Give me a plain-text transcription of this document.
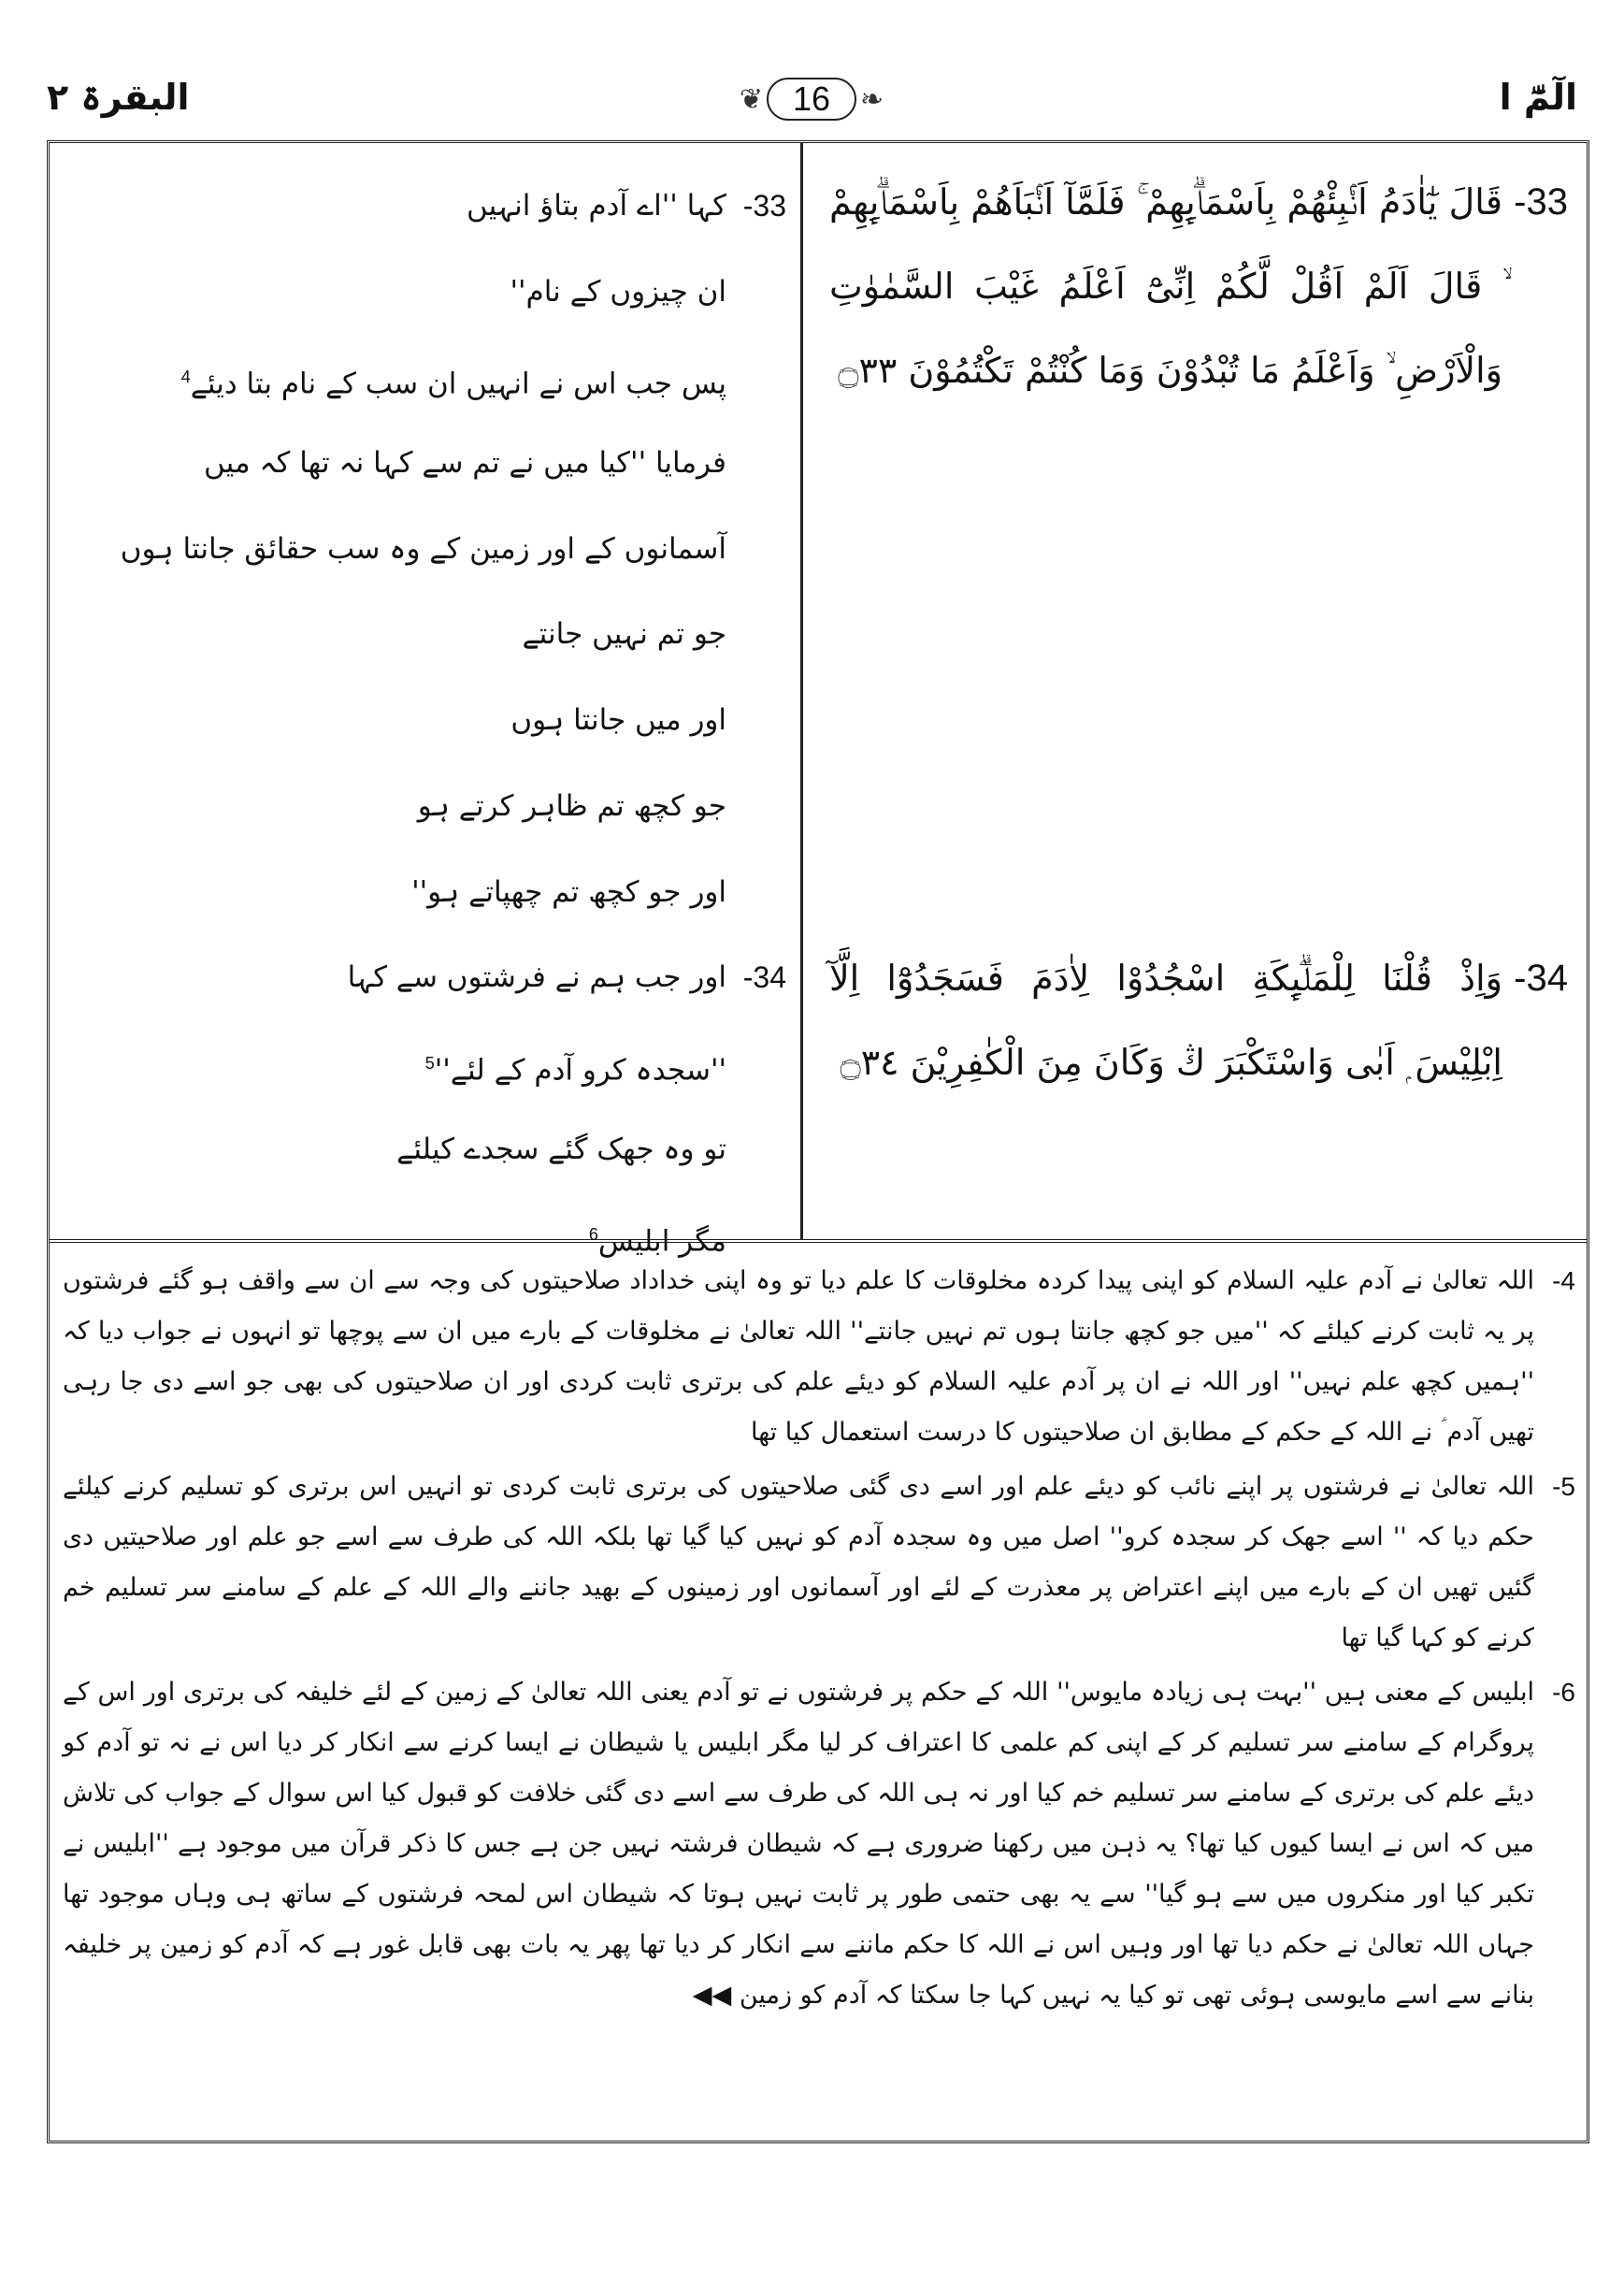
الٓمّٓ ا
❦ 16	❧
البقرۃ ٢
- 33
قَالَ يٰٓاٰدَمُ اَنْۢبِئْهُمْ بِاَسْمَاۗىِٕهِمْ ۚ فَلَمَّآ اَنْۢبَاَهُمْبِاَسْمَاۗىِٕهِمْ ۙ قَالَ اَلَمْ اَقُلْ لَّكُمْ اِنِّىْٓ اَعْلَمُ غَيْبَالسَّمٰوٰتِ وَالْاَرْضِ ۙ وَاَعْلَمُ مَا تُبْدُوْنَ وَمَا كُنْتُمْتَكْتُمُوْنَ ۝٣٣
- 34
وَاِذْ قُلْنَا لِلْمَلٰۗىِٕكَةِ اسْجُدُوْا لِاٰدَمَ فَسَجَدُوْٓا اِلَّآاِبْلِيْسَ ۭ اَبٰى وَاسْتَكْبَرَ ڭ وَكَانَ مِنَ الْكٰفِرِيْنَ ۝٣٤
- 33
کہا ''اے آدم بتاؤ انہیں
ان چیزوں کے نام''
پس جب اس نے انہیں ان سب کے نام بتا دیئے$^4$
فرمایا ''کیا میں نے تم سے کہا نہ تھا کہ میں
آسمانوں کے اور زمین کے وہ سب حقائق جانتا ہوں
جو تم نہیں جانتے
اور میں جانتا ہوں
جو کچھ تم ظاہر کرتے ہو
اور جو کچھ تم چھپاتے ہو''
- 34
اور جب ہم نے فرشتوں سے کہا
''سجدہ کرو آدم کے $لئے''^5$
تو وہ جھک گئے سجدے کیلئے
مگر ابلیس$^6$
- 4
اللہ تعالیٰ نے آدم علیہ السلام کو اپنی پیدا کردہ مخلوقات کا علم دیا تو وہ اپنی خداداد صلاحیتوں کی وجہ سے ان سے واقف ہو گئے فرشتوں پر یہ ثابت کرنےکیلئے کہ ''میں جو کچھ جانتا ہوں تم نہیں جانتے'' اللہ تعالیٰ نے مخلوقات کے بارے میں ان سے پوچھا تو انہوں نے جواب دیا کہ ''ہمیں کچھ علم نہیں''اور اللہ نے ان پر آدم علیہ السلام کو دیئے علم کی برتری ثابت کردی اور ان صلاحیتوں کی بھی جو اسے دی جا رہی تھیں آدم ؑ نے اللہ کے حکم کے مطابق انصلاحیتوں کا درست استعمال کیا تھا
- 5
اللہ تعالیٰ نے فرشتوں پر اپنے نائب کو دیئے علم اور اسے دی گئی صلاحیتوں کی برتری ثابت کردی تو انہیں اس برتری کو تسلیم کرنے کیلئے حکم دیا کہ ''اسے جھک کر سجدہ کرو'' اصل میں وہ سجدہ آدم کو نہیں کیا گیا تھا بلکہ اللہ کی طرف سے اسے جو علم اور صلاحیتیں دی گئیں تھیں ان کے بارے میں اپنےاعتراض پر معذرت کے لئے اور آسمانوں اور زمینوں کے بھید جاننے والے اللہ کے علم کے سامنے سر تسلیم خم کرنے کو کہا گیا تھا
- 6
ابلیس کے معنی ہیں ''بہت ہی زیادہ مایوس'' اللہ کے حکم پر فرشتوں نے تو آدم یعنی اللہ تعالیٰ کے زمین کے لئے خلیفہ کی برتری اور اس کے پروگرامکے سامنے سر تسلیم کر کے اپنی کم علمی کا اعتراف کر لیا مگر ابلیس یا شیطان نے ایسا کرنے سے انکار کر دیا اس نے نہ تو آدم کو دیئے علم کی برتری کےسامنے سر تسلیم خم کیا اور نہ ہی اللہ کی طرف سے اسے دی گئی خلافت کو قبول کیا اس سوال کے جواب کی تلاش میں کہ اس نے ایسا کیوں کیا تھا؟ یہ ذہنمیں رکھنا ضروری ہے کہ شیطان فرشتہ نہیں جن ہے جس کا ذکر قرآن میں موجود ہے ''ابلیس نے تکبر کیا اور منکروں میں سے ہو گیا'' سے یہ بھی حتمی طورپر ثابت نہیں ہوتا کہ شیطان اس لمحہ فرشتوں کے ساتھ ہی وہاں موجود تھا جہاں اللہ تعالیٰ نے حکم دیا تھا اور وہیں اس نے اللہ کا حکم ماننے سے انکار کردیا تھا پھر یہ بات بھی قابل غور ہے کہ آدم کو زمین پر خلیفہ بنانے سے اسے مایوسی ہوئی تھی تو کیا یہ نہیں کہا جا سکتا کہ آدم کو زمین ◀◀
